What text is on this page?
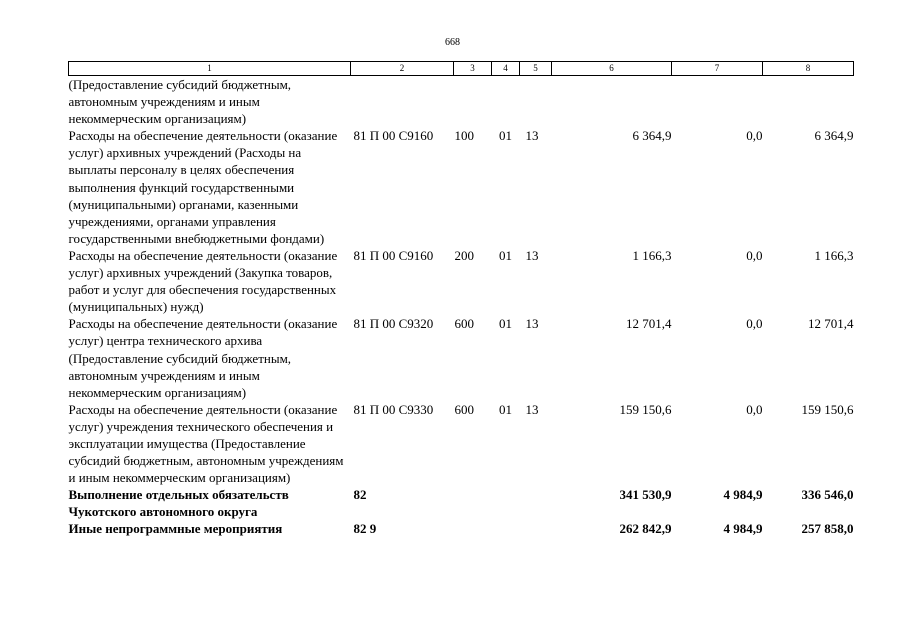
668
1	2	3	4	5	6	7	8
(Предоставление субсидий бюджетным, автономным учреждениям и иным некоммерческим организациям)							
Расходы на обеспечение деятельности (оказание услуг) архивных учреждений (Расходы на выплаты персоналу в целях обеспечения выполнения функций государственными (муниципальными) органами, казенными учреждениями, органами управления государственными внебюджетными фондами)	81 П 00 С9160	100	01	13	6 364,9	0,0	6 364,9
Расходы на обеспечение деятельности (оказание услуг) архивных учреждений (Закупка товаров, работ и услуг для обеспечения государственных (муниципальных) нужд)	81 П 00 С9160	200	01	13	1 166,3	0,0	1 166,3
Расходы на обеспечение деятельности (оказание услуг) центра технического архива (Предоставление субсидий бюджетным, автономным учреждениям и иным некоммерческим организациям)	81 П 00 С9320	600	01	13	12 701,4	0,0	12 701,4
Расходы на обеспечение деятельности (оказание услуг) учреждения технического обеспечения и эксплуатации имущества (Предоставление субсидий бюджетным, автономным учреждениям и иным некоммерческим организациям)	81 П 00 С9330	600	01	13	159 150,6	0,0	159 150,6
Выполнение отдельных обязательств Чукотского автономного округа	82				341 530,9	4 984,9	336 546,0
Иные непрограммные мероприятия	82 9				262 842,9	4 984,9	257 858,0
